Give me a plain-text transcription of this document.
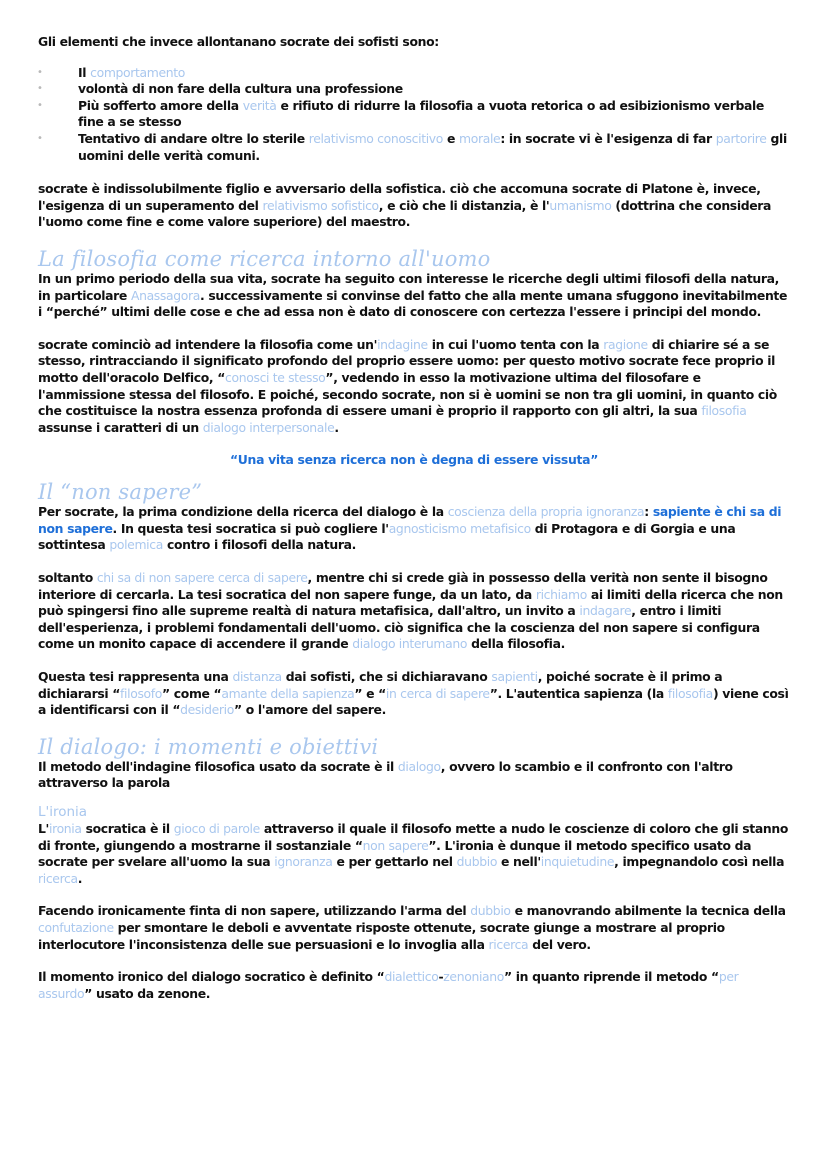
Gli elementi che invece allontanano socrate dei sofisti sono:

• Il comportamento
• volontà di non fare della cultura una professione
• Più sofferto amore della verità e rifiuto di ridurre la filosofia a vuota retorica o ad esibizionismo verbale fine a se stesso
• Tentativo di andare oltre lo sterile relativismo conoscitivo e morale: in socrate vi è l'esigenza di far partorire gli uomini delle verità comuni.

socrate è indissolubilmente figlio e avversario della sofistica. ciò che accomuna socrate di Platone è, invece, l'esigenza di un superamento del relativismo sofistico, e ciò che li distanzia, è l'umanismo (dottrina che considera l'uomo come fine e come valore superiore) del maestro.

La filosofia come ricerca intorno all'uomo

In un primo periodo della sua vita, socrate ha seguito con interesse le ricerche degli ultimi filosofi della natura, in particolare Anassagora. successivamente si convinse del fatto che alla mente umana sfuggono inevitabilmente i “perché” ultimi delle cose e che ad essa non è dato di conoscere con certezza l'essere i principi del mondo.

socrate cominciò ad intendere la filosofia come un'indagine in cui l'uomo tenta con la ragione di chiarire sé a se stesso, rintracciando il significato profondo del proprio essere uomo: per questo motivo socrate fece proprio il motto dell'oracolo Delfico, “conosci te stesso”, vedendo in esso la motivazione ultima del filosofare e l'ammissione stessa del filosofo. E poiché, secondo socrate, non si è uomini se non tra gli uomini, in quanto ciò che costituisce la nostra essenza profonda di essere umani è proprio il rapporto con gli altri, la sua filosofia assunse i caratteri di un dialogo interpersonale.

“Una vita senza ricerca non è degna di essere vissuta”
Il “non sapere”

Per socrate, la prima condizione della ricerca del dialogo è la coscienza della propria ignoranza: sapiente è chi sa di non sapere. In questa tesi socratica si può cogliere l'agnosticismo metafisico di Protagora e di Gorgia e una sottintesa polemica contro i filosofi della natura.

soltanto chi sa di non sapere cerca di sapere, mentre chi si crede già in possesso della verità non sente il bisogno interiore di cercarla. La tesi socratica del non sapere funge, da un lato, da richiamo ai limiti della ricerca che non può spingersi fino alle supreme realtà di natura metafisica, dall'altro, un invito a indagare, entro i limiti dell'esperienza, i problemi fondamentali dell'uomo. ciò significa che la coscienza del non sapere si configura come un monito capace di accendere il grande dialogo interumano della filosofia.

Questa tesi rappresenta una distanza dai sofisti, che si dichiaravano sapienti, poiché socrate è il primo a dichiararsi “filosofo” come “amante della sapienza” e “in cerca di sapere”. L'autentica sapienza (la filosofia) viene così a identificarsi con il “desiderio” o l'amore del sapere.

Il dialogo: i momenti e obiettivi

Il metodo dell'indagine filosofica usato da socrate è il dialogo, ovvero lo scambio e il confronto con l'altro attraverso la parola

L'ironia

L'ironia socratica è il gioco di parole attraverso il quale il filosofo mette a nudo le coscienze di coloro che gli stanno di fronte, giungendo a mostrarne il sostanziale “non sapere”. L'ironia è dunque il metodo specifico usato da socrate per svelare all'uomo la sua ignoranza e per gettarlo nel dubbio e nell'inquietudine, impegnandolo così nella ricerca.

Facendo ironicamente finta di non sapere, utilizzando l'arma del dubbio e manovrando abilmente la tecnica della confutazione per smontare le deboli e avventate risposte ottenute, socrate giunge a mostrare al proprio interlocutore l'inconsistenza delle sue persuasioni e lo invoglia alla ricerca del vero.

Il momento ironico del dialogo socratico è definito “dialettico-zenoniano” in quanto riprende il metodo “per assurdo” usato da zenone.
